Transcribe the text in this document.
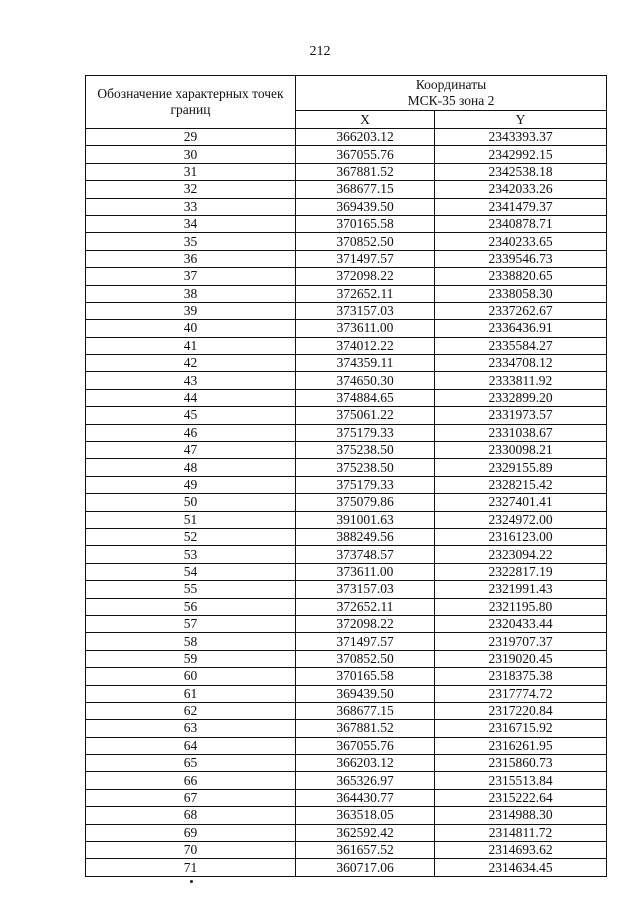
212
Обозначение характерных точек границ	Координаты
МСК-35 зона 2	

	X	Y
29	366203.12	2343393.37
30	367055.76	2342992.15
31	367881.52	2342538.18
32	368677.15	2342033.26
33	369439.50	2341479.37
34	370165.58	2340878.71
35	370852.50	2340233.65
36	371497.57	2339546.73
37	372098.22	2338820.65
38	372652.11	2338058.30
39	373157.03	2337262.67
40	373611.00	2336436.91
41	374012.22	2335584.27
42	374359.11	2334708.12
43	374650.30	2333811.92
44	374884.65	2332899.20
45	375061.22	2331973.57
46	375179.33	2331038.67
47	375238.50	2330098.21
48	375238.50	2329155.89
49	375179.33	2328215.42
50	375079.86	2327401.41
51	391001.63	2324972.00
52	388249.56	2316123.00
53	373748.57	2323094.22
54	373611.00	2322817.19
55	373157.03	2321991.43
56	372652.11	2321195.80
57	372098.22	2320433.44
58	371497.57	2319707.37
59	370852.50	2319020.45
60	370165.58	2318375.38
61	369439.50	2317774.72
62	368677.15	2317220.84
63	367881.52	2316715.92
64	367055.76	2316261.95
65	366203.12	2315860.73
66	365326.97	2315513.84
67	364430.77	2315222.64
68	363518.05	2314988.30
69	362592.42	2314811.72
70	361657.52	2314693.62
71	360717.06	2314634.45
